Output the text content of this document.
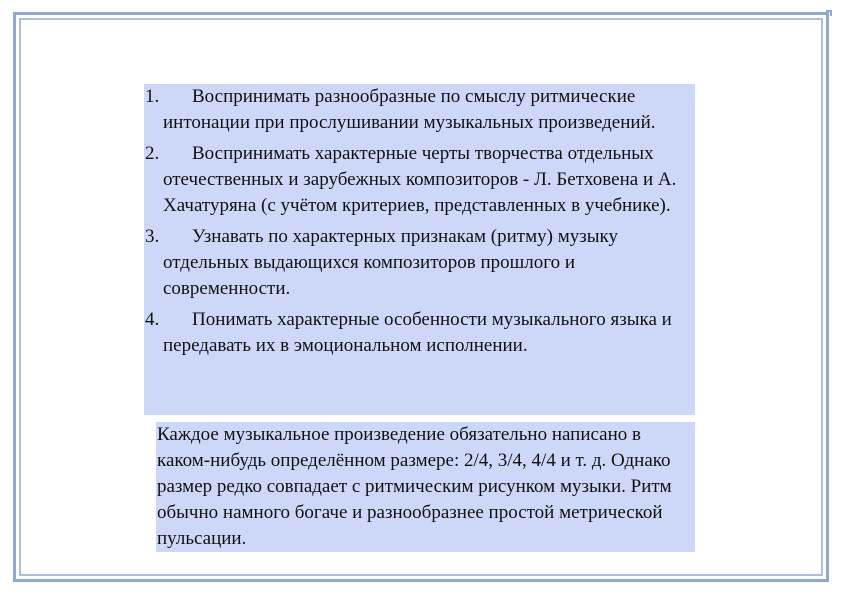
1.	Воспринимать разнообразные по смыслу ритмические интонации при прослушивании музыкальных произведений.
2.	Воспринимать характерные черты творчества отдельных отечественных и зарубежных композиторов - Л. Бетховена и А. Хачатуряна (с учётом критериев, представленных в учебнике).
3.	Узнавать по характерных признакам (ритму) музыку отдельных выдающихся композиторов прошлого и современности.
4.	Понимать характерные особенности музыкального языка и передавать их в эмоциональном исполнении.

Каждое музыкальное произведение обязательно написано в каком-нибудь определённом размере: 2/4, 3/4, 4/4 и т. д. Однако размер редко совпадает с ритмическим рисунком музыки. Ритм обычно намного богаче и разнообразнее простой метрической пульсации.
